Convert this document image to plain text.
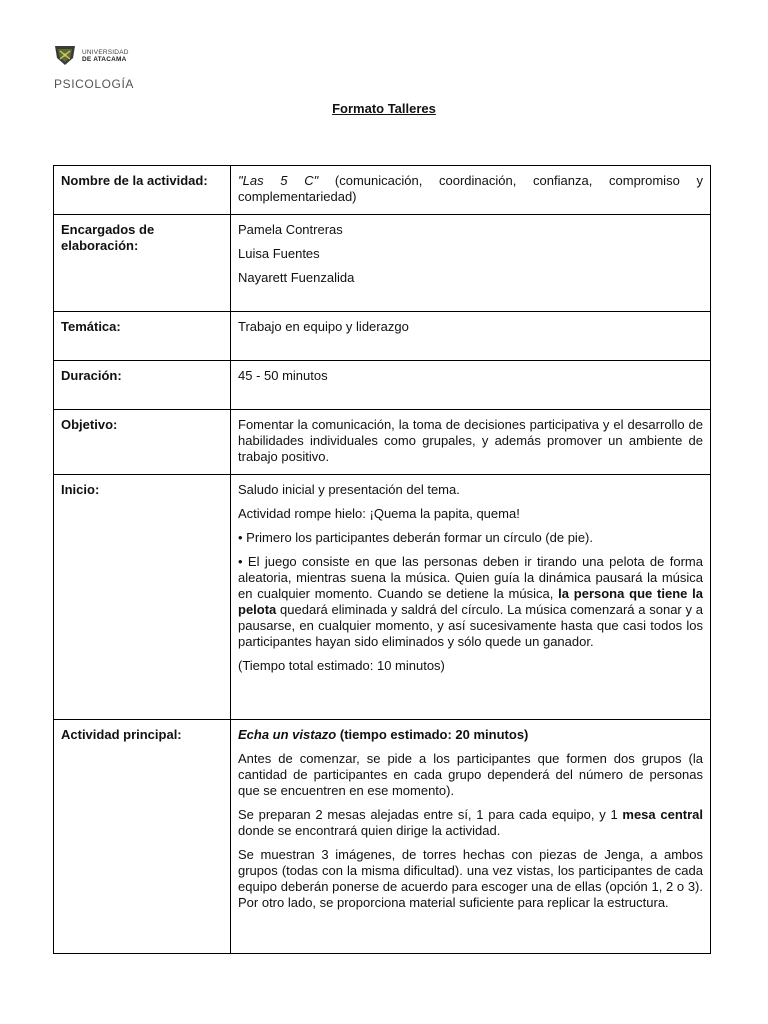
UNIVERSIDAD
DE ATACAMA
PSICOLOGÍA
Formato Talleres
Nombre de la actividad:	"Las 5 C" (comunicación, coordinación, confianza, compromiso y complementariedad)
Encargados de elaboración:	Pamela Contreras

Luisa Fuentes

Nayarett Fuenzalida

Temática:	Trabajo en equipo y liderazgo
Duración:	45 - 50 minutos
Objetivo:	Fomentar la comunicación, la toma de decisiones participativa y el desarrollo de habilidades individuales como grupales, y además promover un ambiente de trabajo positivo.
Inicio:	Saludo inicial y presentación del tema.

Actividad rompe hielo: ¡Quema la papita, quema!

• Primero los participantes deberán formar un círculo (de pie).

• El juego consiste en que las personas deben ir tirando una pelota de forma aleatoria, mientras suena la música. Quien guía la dinámica pausará la música en cualquier momento. Cuando se detiene la música, la persona que tiene la pelota quedará eliminada y saldrá del círculo. La música comenzará a sonar y a pausarse, en cualquier momento, y así sucesivamente hasta que casi todos los participantes hayan sido eliminados y sólo quede un ganador.

(Tiempo total estimado: 10 minutos)

Actividad principal:	Echa un vistazo (tiempo estimado: 20 minutos)

Antes de comenzar, se pide a los participantes que formen dos grupos (la cantidad de participantes en cada grupo dependerá del número de personas que se encuentren en ese momento).

Se preparan 2 mesas alejadas entre sí, 1 para cada equipo, y 1 mesa central donde se encontrará quien dirige la actividad.

Se muestran 3 imágenes, de torres hechas con piezas de Jenga, a ambos grupos (todas con la misma dificultad). una vez vistas, los participantes de cada equipo deberán ponerse de acuerdo para escoger una de ellas (opción 1, 2 o 3). Por otro lado, se proporciona material suficiente para replicar la estructura.
